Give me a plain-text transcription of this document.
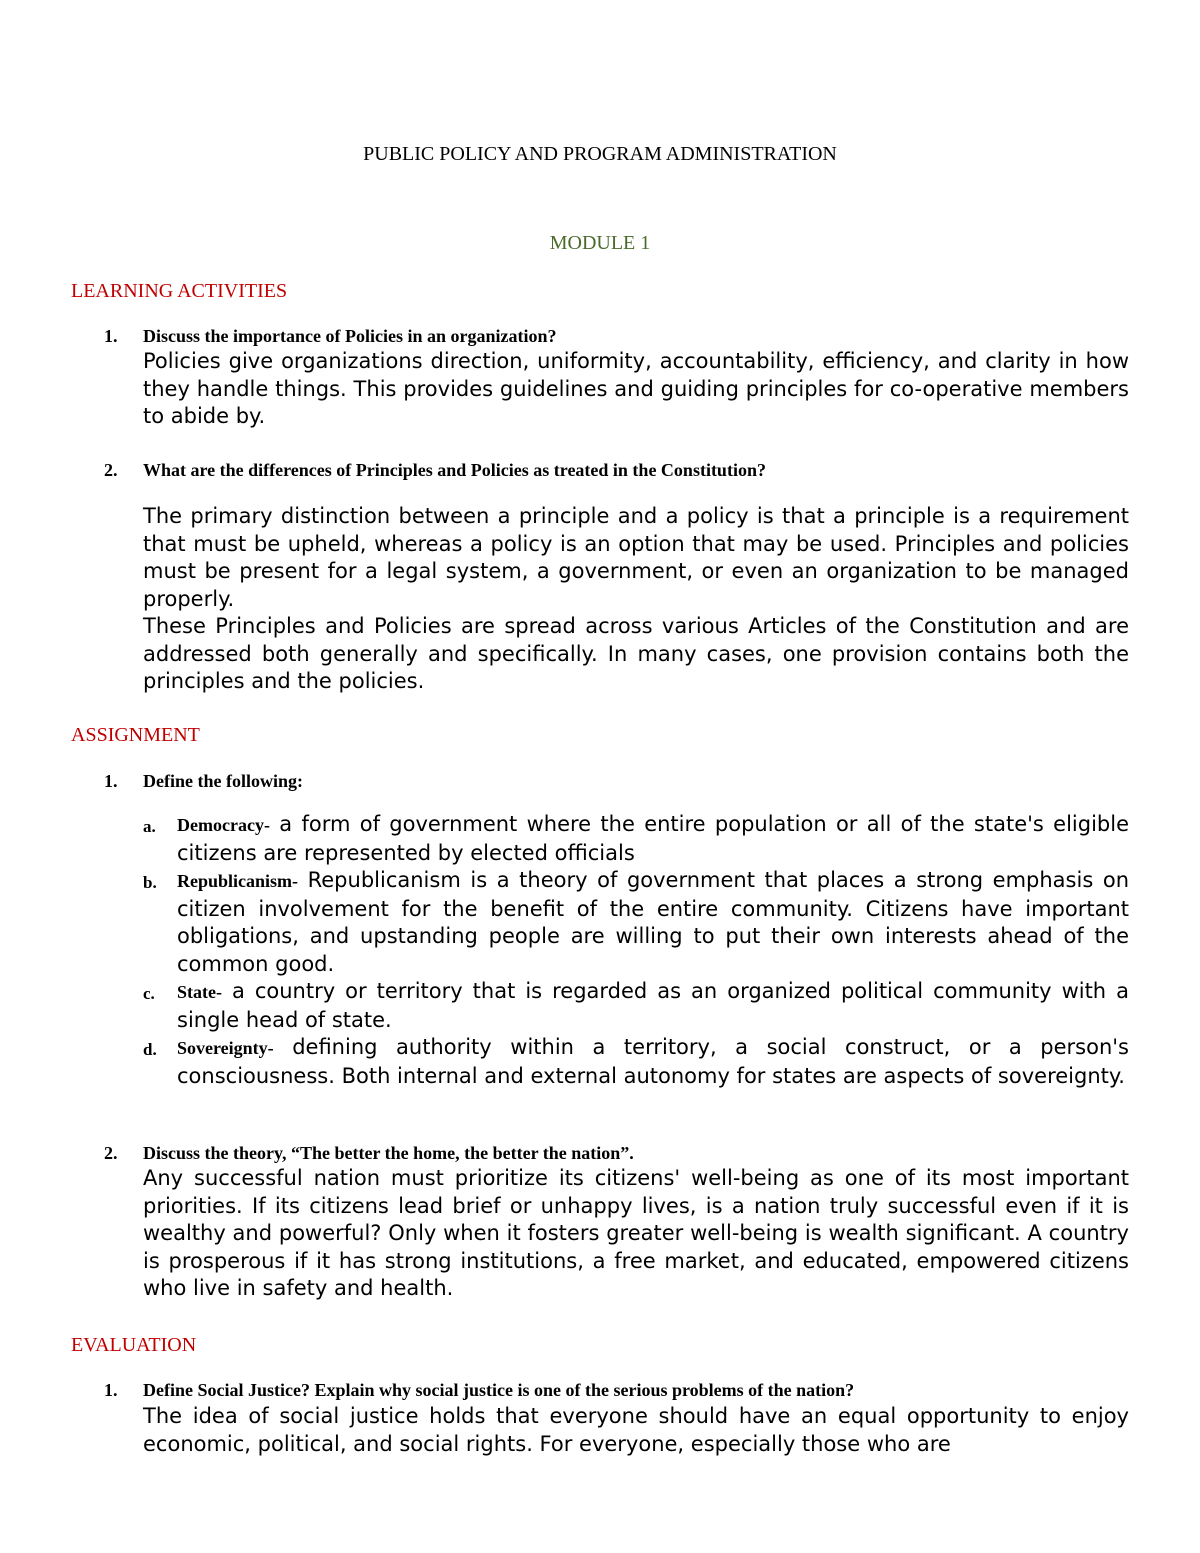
PUBLIC POLICY AND PROGRAM ADMINISTRATION
MODULE 1
LEARNING ACTIVITIES
1. Discuss the importance of Policies in an organization?

Policies give organizations direction, uniformity, accountability, efficiency, and clarity in how they handle things. This provides guidelines and guiding principles for co-operative members to abide by.

2. What are the differences of Principles and Policies as treated in the Constitution?

The primary distinction between a principle and a policy is that a principle is a requirement that must be upheld, whereas a policy is an option that may be used. Principles and policies must be present for a legal system, a government, or even an organization to be managed properly.

These Principles and Policies are spread across various Articles of the Constitution and are addressed both generally and specifically. In many cases, one provision contains both the principles and the policies.

ASSIGNMENT
1. Define the following:
a. Democracy- a form of government where the entire population or all of the state's eligible citizens are represented by elected officials
b. Republicanism- Republicanism is a theory of government that places a strong emphasis on citizen involvement for the benefit of the entire community. Citizens have important obligations, and upstanding people are willing to put their own interests ahead of the common good.
c. State- a country or territory that is regarded as an organized political community with a single head of state.
d. Sovereignty- defining authority within a territory, a social construct, or a person's consciousness. Both internal and external autonomy for states are aspects of sovereignty.
2. Discuss the theory, “The better the home, the better the nation”.

Any successful nation must prioritize its citizens' well-being as one of its most important priorities. If its citizens lead brief or unhappy lives, is a nation truly successful even if it is wealthy and powerful? Only when it fosters greater well-being is wealth significant. A country is prosperous if it has strong institutions, a free market, and educated, empowered citizens who live in safety and health.

EVALUATION
1. Define Social Justice? Explain why social justice is one of the serious problems of the nation?

The idea of social justice holds that everyone should have an equal opportunity to enjoy economic, political, and social rights. For everyone, especially those who are
